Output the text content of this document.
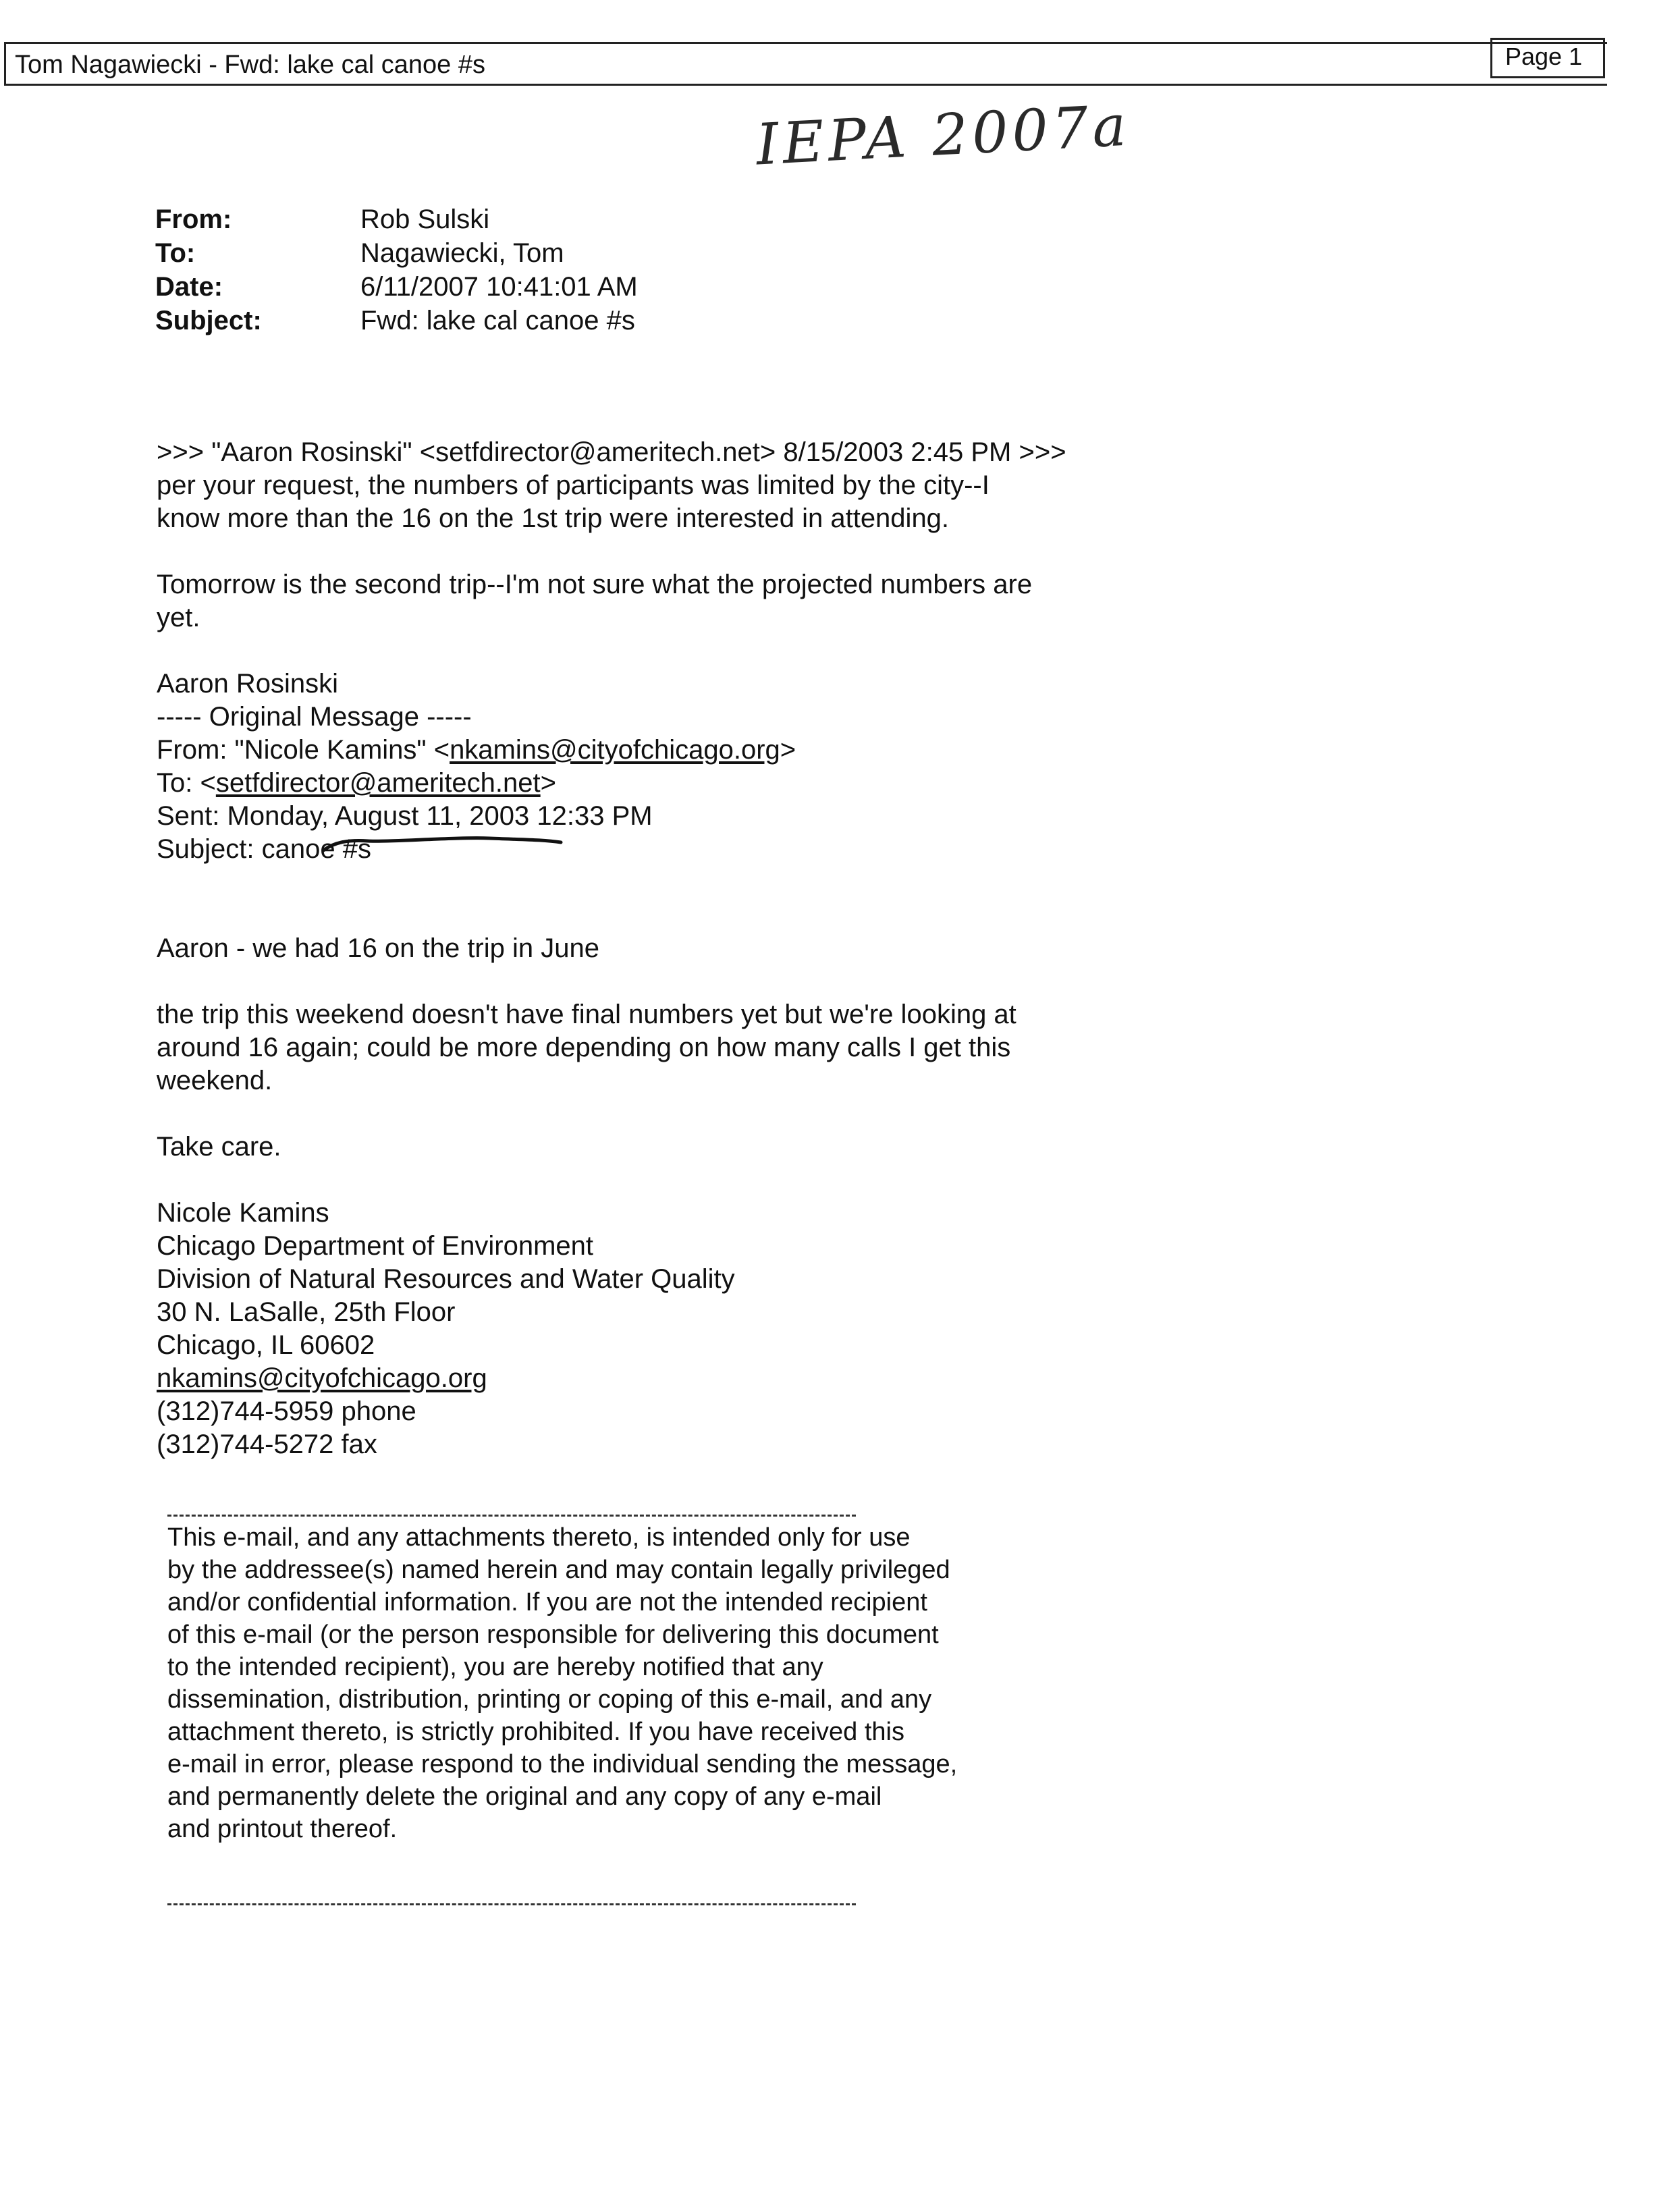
Tom Nagawiecki - Fwd: lake cal canoe #s	Page 1
IEPA 2007a
From:	Rob Sulski
To:	Nagawiecki, Tom
Date:	6/11/2007 10:41:01 AM
Subject:	Fwd: lake cal canoe #s

>>> "Aaron Rosinski" <setfdirector@ameritech.net> 8/15/2003 2:45 PM >>>

per your request, the numbers of participants was limited by the city--I

know more than the 16 on the 1st trip were interested in attending.

Tomorrow is the second trip--I'm not sure what the projected numbers are

yet.

Aaron Rosinski

----- Original Message -----

From: "Nicole Kamins" <nkamins@cityofchicago.org>

To: <setfdirector@ameritech.net>

Sent: Monday, August 11, 2003 12:33 PM

Subject: canoe #s

Aaron - we had 16 on the trip in June

the trip this weekend doesn't have final numbers yet but we're looking at

around 16 again; could be more depending on how many calls I get this

weekend.

Take care.

Nicole Kamins

Chicago Department of Environment

Division of Natural Resources and Water Quality

30 N. LaSalle, 25th Floor

Chicago, IL 60602

nkamins@cityofchicago.org

(312)744-5959 phone

(312)744-5272 fax

This e-mail, and any attachments thereto, is intended only for use

by the addressee(s) named herein and may contain legally privileged

and/or confidential information. If you are not the intended recipient

of this e-mail (or the person responsible for delivering this document

to the intended recipient), you are hereby notified that any

dissemination, distribution, printing or coping of this e-mail, and any

attachment thereto, is strictly prohibited. If you have received this

e-mail in error, please respond to the individual sending the message,

and permanently delete the original and any copy of any e-mail

and printout thereof.
